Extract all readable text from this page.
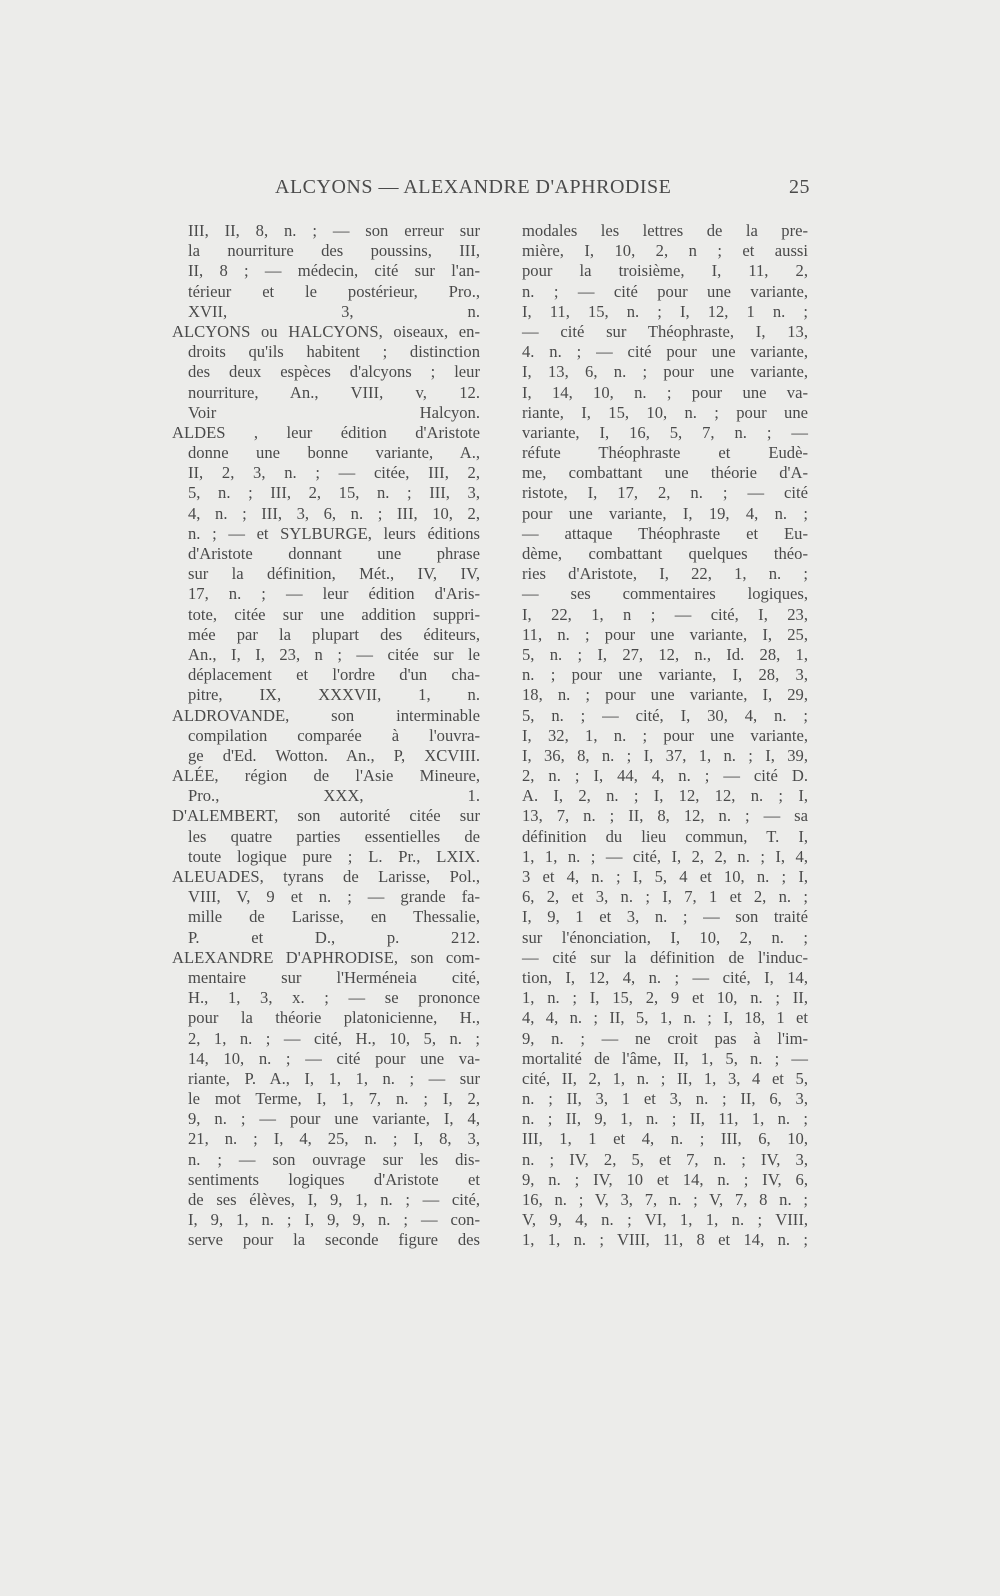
ALCYONS — ALEXANDRE D'APHRODISE	25
III, II, 8, n. ; — son erreur sur
la nourriture des poussins, III,
II, 8 ; — médecin, cité sur l'an-
térieur et le postérieur, Pro.,
XVII, 3, n.
ALCYONS ou HALCYONS, oiseaux, en-
droits qu'ils habitent ; distinction
des deux espèces d'alcyons ; leur
nourriture, An., VIII, v, 12.
Voir Halcyon.
ALDES , leur édition d'Aristote
donne une bonne variante, A.,
II, 2, 3, n. ; — citée, III, 2,
5, n. ; III, 2, 15, n. ; III, 3,
4, n. ; III, 3, 6, n. ; III, 10, 2,
n. ; — et SYLBURGE, leurs éditions
d'Aristote donnant une phrase
sur la définition, Mét., IV, IV,
17, n. ; — leur édition d'Aris-
tote, citée sur une addition suppri-
mée par la plupart des éditeurs,
An., I, I, 23, n ; — citée sur le
déplacement et l'ordre d'un cha-
pitre, IX, XXXVII, 1, n.
ALDROVANDE, son interminable
compilation comparée à l'ouvra-
ge d'Ed. Wotton. An., P, XCVIII.
ALÉE, région de l'Asie Mineure,
Pro., XXX, 1.
D'ALEMBERT, son autorité citée sur
les quatre parties essentielles de
toute logique pure ; L. Pr., LXIX.
ALEUADES, tyrans de Larisse, Pol.,
VIII, V, 9 et n. ; — grande fa-
mille de Larisse, en Thessalie,
P. et D., p. 212.
ALEXANDRE D'APHRODISE, son com-
mentaire sur l'Herméneia cité,
H., 1, 3, x. ; — se prononce
pour la théorie platonicienne, H.,
2, 1, n. ; — cité, H., 10, 5, n. ;
14, 10, n. ; — cité pour une va-
riante, P. A., I, 1, 1, n. ; — sur
le mot Terme, I, 1, 7, n. ; I, 2,
9, n. ; — pour une variante, I, 4,
21, n. ; I, 4, 25, n. ; I, 8, 3,
n. ; — son ouvrage sur les dis-
sentiments logiques d'Aristote et
de ses élèves, I, 9, 1, n. ; — cité,
I, 9, 1, n. ; I, 9, 9, n. ; — con-
serve pour la seconde figure des
modales les lettres de la pre-
mière, I, 10, 2, n ; et aussi
pour la troisième, I, 11, 2,
n. ; — cité pour une variante,
I, 11, 15, n. ; I, 12, 1 n. ;
— cité sur Théophraste, I, 13,
4. n. ; — cité pour une variante,
I, 13, 6, n. ; pour une variante,
I, 14, 10, n. ; pour une va-
riante, I, 15, 10, n. ; pour une
variante, I, 16, 5, 7, n. ; —
réfute Théophraste et Eudè-
me, combattant une théorie d'A-
ristote, I, 17, 2, n. ; — cité
pour une variante, I, 19, 4, n. ;
— attaque Théophraste et Eu-
dème, combattant quelques théo-
ries d'Aristote, I, 22, 1, n. ;
— ses commentaires logiques,
I, 22, 1, n ; — cité, I, 23,
11, n. ; pour une variante, I, 25,
5, n. ; I, 27, 12, n., Id. 28, 1,
n. ; pour une variante, I, 28, 3,
18, n. ; pour une variante, I, 29,
5, n. ; — cité, I, 30, 4, n. ;
I, 32, 1, n. ; pour une variante,
I, 36, 8, n. ; I, 37, 1, n. ; I, 39,
2, n. ; I, 44, 4, n. ; — cité D.
A. I, 2, n. ; I, 12, 12, n. ; I,
13, 7, n. ; II, 8, 12, n. ; — sa
définition du lieu commun, T. I,
1, 1, n. ; — cité, I, 2, 2, n. ; I, 4,
3 et 4, n. ; I, 5, 4 et 10, n. ; I,
6, 2, et 3, n. ; I, 7, 1 et 2, n. ;
I, 9, 1 et 3, n. ; — son traité
sur l'énonciation, I, 10, 2, n. ;
— cité sur la définition de l'induc-
tion, I, 12, 4, n. ; — cité, I, 14,
1, n. ; I, 15, 2, 9 et 10, n. ; II,
4, 4, n. ; II, 5, 1, n. ; I, 18, 1 et
9, n. ; — ne croit pas à l'im-
mortalité de l'âme, II, 1, 5, n. ; —
cité, II, 2, 1, n. ; II, 1, 3, 4 et 5,
n. ; II, 3, 1 et 3, n. ; II, 6, 3,
n. ; II, 9, 1, n. ; II, 11, 1, n. ;
III, 1, 1 et 4, n. ; III, 6, 10,
n. ; IV, 2, 5, et 7, n. ; IV, 3,
9, n. ; IV, 10 et 14, n. ; IV, 6,
16, n. ; V, 3, 7, n. ; V, 7, 8 n. ;
V, 9, 4, n. ; VI, 1, 1, n. ; VIII,
1, 1, n. ; VIII, 11, 8 et 14, n. ;
